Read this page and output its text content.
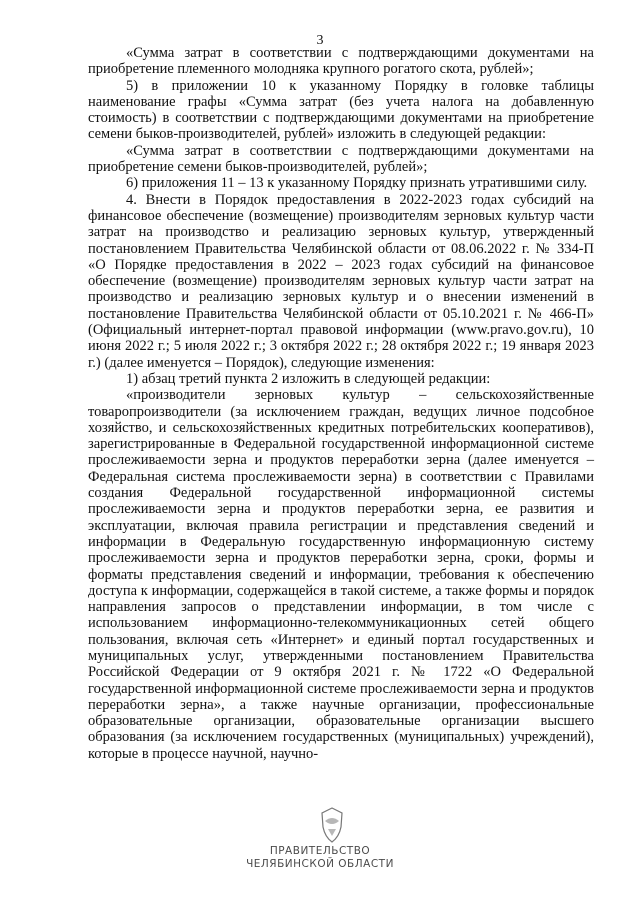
3

«Сумма затрат в соответствии с подтверждающими документами на приобретение племенного молодняка крупного рогатого скота, рублей»;

5) в приложении 10 к указанному Порядку в головке таблицы наименование графы «Сумма затрат (без учета налога на добавленную стоимость) в соответствии с подтверждающими документами на приобретение семени быков-производителей, рублей» изложить в следующей редакции:

«Сумма затрат в соответствии с подтверждающими документами на приобретение семени быков-производителей, рублей»;

6) приложения 11 – 13 к указанному Порядку признать утратившими силу.

4. Внести в Порядок предоставления в 2022-2023 годах субсидий на финансовое обеспечение (возмещение) производителям зерновых культур части затрат на производство и реализацию зерновых культур, утвержденный постановлением Правительства Челябинской области от 08.06.2022 г. № 334-П «О Порядке предоставления в 2022 – 2023 годах субсидий на финансовое обеспечение (возмещение) производителям зерновых культур части затрат на производство и реализацию зерновых культур и о внесении изменений в постановление Правительства Челябинской области от 05.10.2021 г. № 466-П» (Официальный интернет-портал правовой информации (www.pravo.gov.ru), 10 июня 2022 г.; 5 июля 2022 г.; 3 октября 2022 г.; 28 октября 2022 г.; 19 января 2023 г.) (далее именуется – Порядок), следующие изменения:

1) абзац третий пункта 2 изложить в следующей редакции:

«производители зерновых культур – сельскохозяйственные товаропроизводители (за исключением граждан, ведущих личное подсобное хозяйство, и сельскохозяйственных кредитных потребительских кооперативов), зарегистрированные в Федеральной государственной информационной системе прослеживаемости зерна и продуктов переработки зерна (далее именуется – Федеральная система прослеживаемости зерна) в соответствии с Правилами создания Федеральной государственной информационной системы прослеживаемости зерна и продуктов переработки зерна, ее развития и эксплуатации, включая правила регистрации и представления сведений и информации в Федеральную государственную информационную систему прослеживаемости зерна и продуктов переработки зерна, сроки, формы и форматы представления сведений и информации, требования к обеспечению доступа к информации, содержащейся в такой системе, а также формы и порядок направления запросов о представлении информации, в том числе с использованием информационно-телекоммуникационных сетей общего пользования, включая сеть «Интернет» и единый портал государственных и муниципальных услуг, утвержденными постановлением Правительства Российской Федерации от 9 октября 2021 г. № 1722 «О Федеральной государственной информационной системе прослеживаемости зерна и продуктов переработки зерна», а также научные организации, профессиональные образовательные организации, образовательные организации высшего образования (за исключением государственных (муниципальных) учреждений), которые в процессе научной, научно-

ПРАВИТЕЛЬСТВО
ЧЕЛЯБИНСКОЙ ОБЛАСТИ
